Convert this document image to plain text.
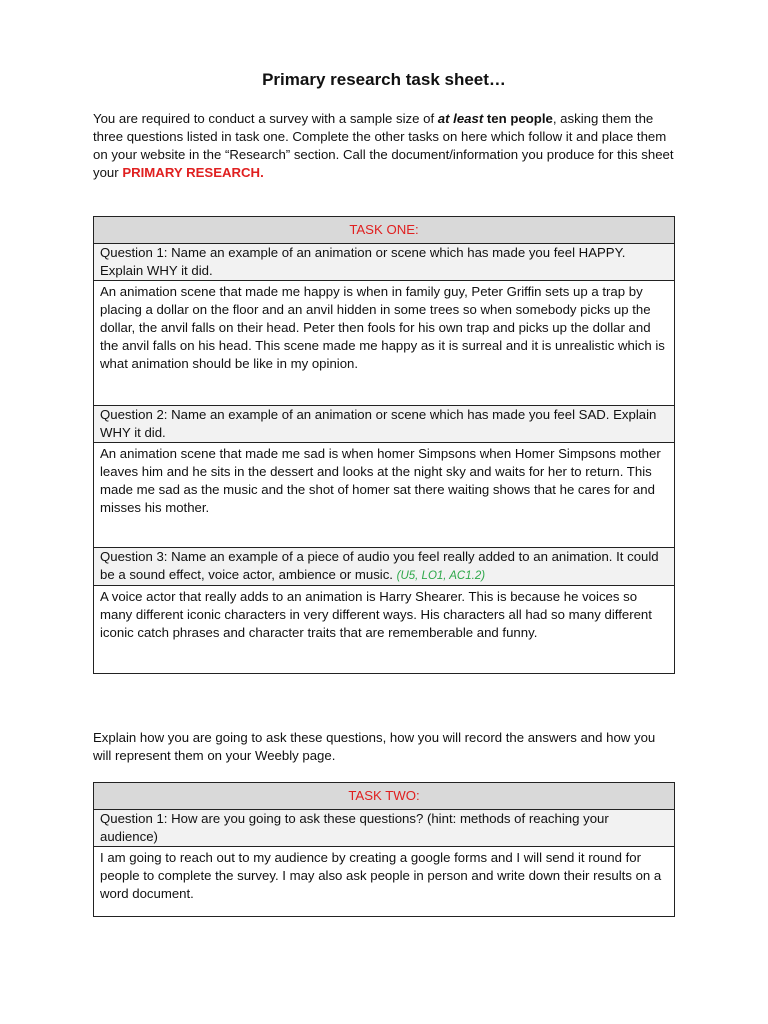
Primary research task sheet…

You are required to conduct a survey with a sample size of at least ten people, asking them the three questions listed in task one. Complete the other tasks on here which follow it and place them on your website in the “Research” section. Call the document/information you produce for this sheet your PRIMARY RESEARCH.

TASK ONE:
Question 1: Name an example of an animation or scene which has made you feel HAPPY. Explain WHY it did.
An animation scene that made me happy is when in family guy, Peter Griffin sets up a trap by placing a dollar on the floor and an anvil hidden in some trees so when somebody picks up the dollar, the anvil falls on their head. Peter then fools for his own trap and picks up the dollar and the anvil falls on his head. This scene made me happy as it is surreal and it is unrealistic which is what animation should be like in my opinion.
Question 2: Name an example of an animation or scene which has made you feel SAD. Explain WHY it did.
An animation scene that made me sad is when homer Simpsons when Homer Simpsons mother leaves him and he sits in the dessert and looks at the night sky and waits for her to return. This made me sad as the music and the shot of homer sat there waiting shows that he cares for and misses his mother.
Question 3: Name an example of a piece of audio you feel really added to an animation. It could be a sound effect, voice actor, ambience or music. (U5, LO1, AC1.2)
A voice actor that really adds to an animation is Harry Shearer. This is because he voices so many different iconic characters in very different ways. His characters all had so many different iconic catch phrases and character traits that are rememberable and funny.

Explain how you are going to ask these questions, how you will record the answers and how you will represent them on your Weebly page.

TASK TWO:
Question 1: How are you going to ask these questions? (hint: methods of reaching your audience)
I am going to reach out to my audience by creating a google forms and I will send it round for people to complete the survey. I may also ask people in person and write down their results on a word document.
